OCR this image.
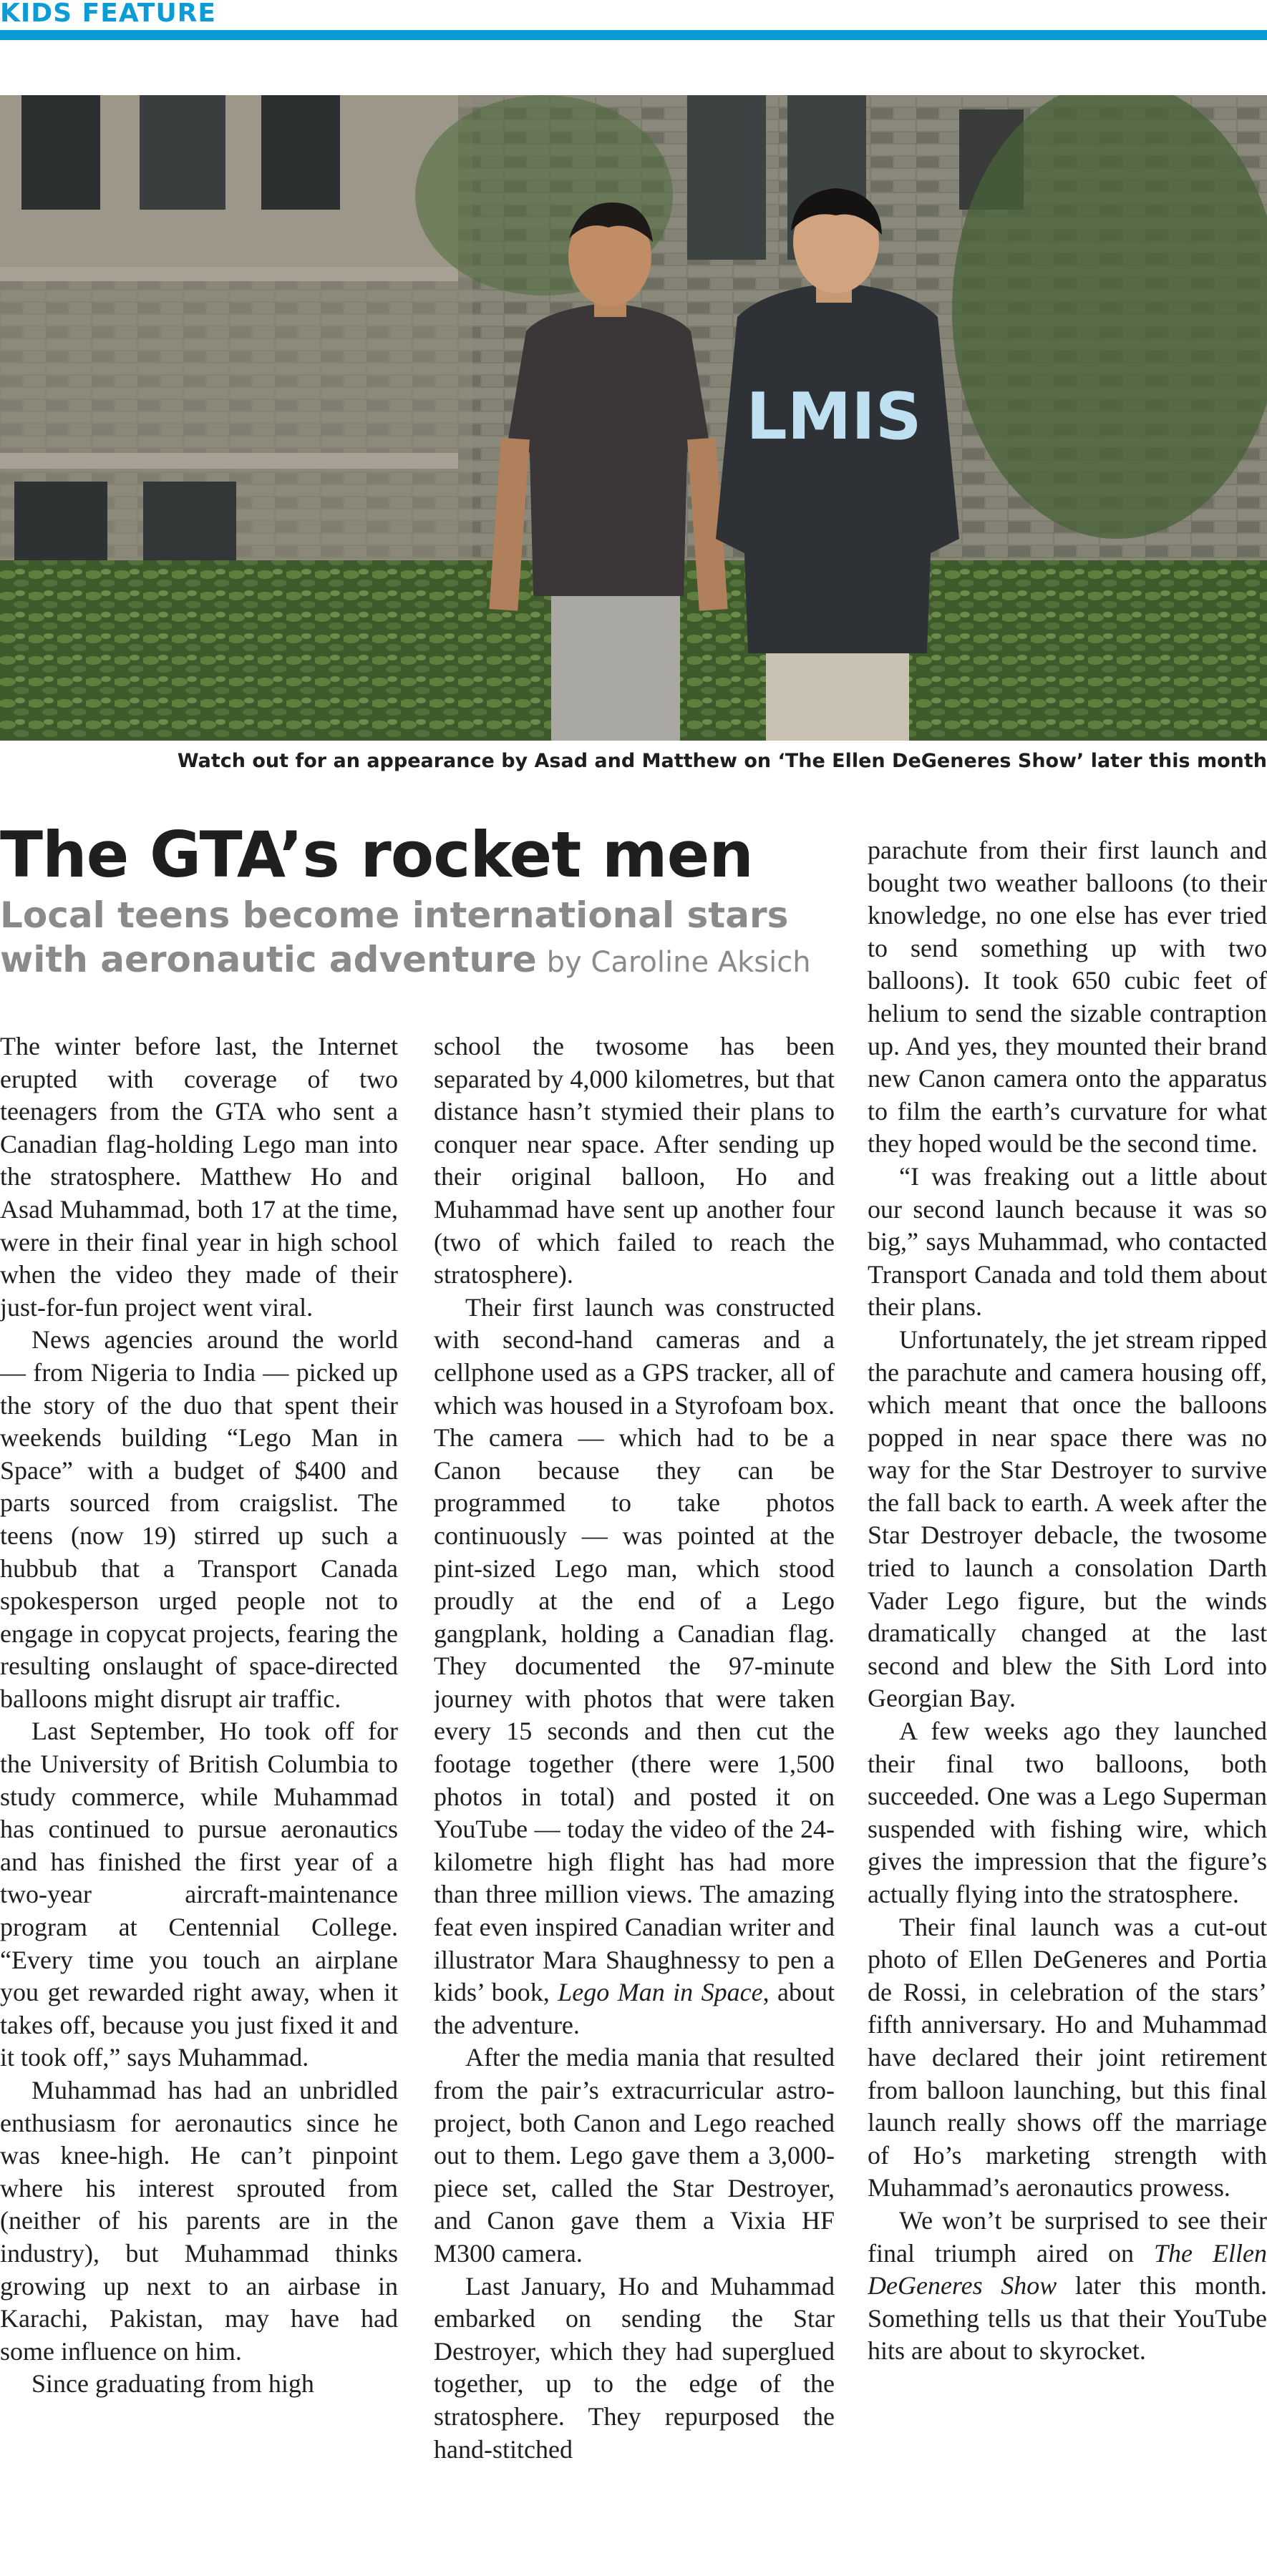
KIDS FEATURE
LMIS
Watch out for an appearance by Asad and Matthew on ‘The Ellen DeGeneres Show’ later this month
The GTA’s rocket men
Local teens become international stars with aeronautic adventure by Caroline Aksich

The winter before last, the Internet erupted with coverage of two teenagers from the GTA who sent a Canadian flag-holding Lego man into the stratosphere. Matthew Ho and Asad Muhammad, both 17 at the time, were in their final year in high school when the video they made of their just-for-fun project went viral.

News agencies around the world — from Nigeria to India — picked up the story of the duo that spent their weekends building “Lego Man in Space” with a budget of $400 and parts sourced from craigslist. The teens (now 19) stirred up such a hubbub that a Transport Canada spokesperson urged people not to engage in copycat projects, fearing the resulting onslaught of space-directed balloons might disrupt air traffic.

Last September, Ho took off for the University of British Columbia to study commerce, while Muhammad has continued to pursue aeronautics and has finished the first year of a two-year aircraft-maintenance program at Centennial College. “Every time you touch an airplane you get rewarded right away, when it takes off, because you just fixed it and it took off,” says Muhammad.

Muhammad has had an unbridled enthusiasm for aeronautics since he was knee-high. He can’t pinpoint where his interest sprouted from (neither of his parents are in the industry), but Muhammad thinks growing up next to an airbase in Karachi, Pakistan, may have had some influence on him.

Since graduating from high

school the twosome has been separated by 4,000 kilometres, but that distance hasn’t stymied their plans to conquer near space. After sending up their original balloon, Ho and Muhammad have sent up another four (two of which failed to reach the stratosphere).

Their first launch was constructed with second-hand cameras and a cellphone used as a GPS tracker, all of which was housed in a Styrofoam box. The camera — which had to be a Canon because they can be programmed to take photos continuously — was pointed at the pint-sized Lego man, which stood proudly at the end of a Lego gangplank, holding a Canadian flag. They documented the 97-minute journey with photos that were taken every 15 seconds and then cut the footage together (there were 1,500 photos in total) and posted it on YouTube — today the video of the 24-kilometre high flight has had more than three million views. The amazing feat even inspired Canadian writer and illustrator Mara Shaughnessy to pen a kids’ book, Lego Man in Space, about the adventure.

After the media mania that resulted from the pair’s extracurricular astro-project, both Canon and Lego reached out to them. Lego gave them a 3,000-piece set, called the Star Destroyer, and Canon gave them a Vixia HF M300 camera.

Last January, Ho and Muhammad embarked on sending the Star Destroyer, which they had superglued together, up to the edge of the stratosphere. They repurposed the hand-stitched

parachute from their first launch and bought two weather balloons (to their knowledge, no one else has ever tried to send something up with two balloons). It took 650 cubic feet of helium to send the sizable contraption up. And yes, they mounted their brand new Canon camera onto the apparatus to film the earth’s curvature for what they hoped would be the second time.

“I was freaking out a little about our second launch because it was so big,” says Muhammad, who contacted Transport Canada and told them about their plans.

Unfortunately, the jet stream ripped the parachute and camera housing off, which meant that once the balloons popped in near space there was no way for the Star Destroyer to survive the fall back to earth. A week after the Star Destroyer debacle, the twosome tried to launch a consolation Darth Vader Lego figure, but the winds dramatically changed at the last second and blew the Sith Lord into Georgian Bay.

A few weeks ago they launched their final two balloons, both succeeded. One was a Lego Superman suspended with fishing wire, which gives the impression that the figure’s actually flying into the stratosphere.

Their final launch was a cut-out photo of Ellen DeGeneres and Portia de Rossi, in celebration of the stars’ fifth anniversary. Ho and Muhammad have declared their joint retirement from balloon launching, but this final launch really shows off the marriage of Ho’s marketing strength with Muhammad’s aeronautics prowess.

We won’t be surprised to see their final triumph aired on The Ellen DeGeneres Show later this month. Something tells us that their YouTube hits are about to skyrocket.
